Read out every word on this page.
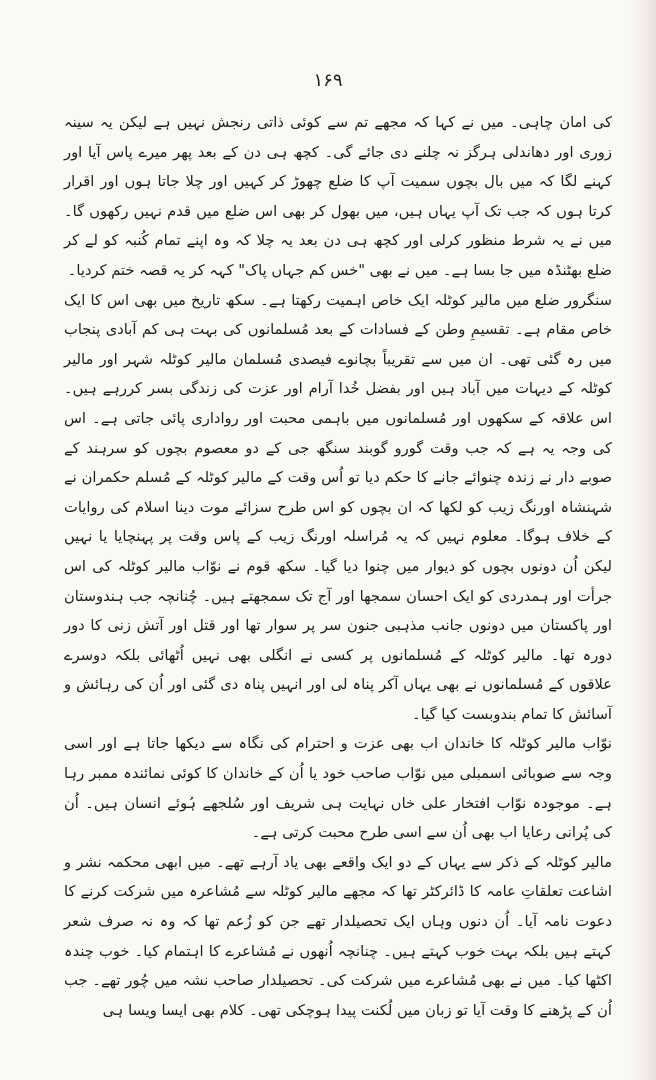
۱۶۹

کی امان چاہی۔ میں نے کہا کہ مجھے تم سے کوئی ذاتی رنجش نہیں ہے لیکن یہ سینہ زوری اور دھاندلی ہرگز نہ چلنے دی جائے گی۔ کچھ ہی دن کے بعد پھر میرے پاس آیا اور کہنے لگا کہ میں بال بچوں سمیت آپ کا ضلع چھوڑ کر کہیں اور چلا جاتا ہوں اور اقرار کرتا ہوں کہ جب تک آپ یہاں ہیں، میں بھول کر بھی اس ضلع میں قدم نہیں رکھوں گا۔ میں نے یہ شرط منظور کرلی اور کچھ ہی دن بعد یہ چلا کہ وہ اپنے تمام کُنبہ کو لے کر ضلع بھٹنڈہ میں جا بسا ہے۔ میں نے بھی "خس کم جہاں پاک" کہہ کر یہ قصہ ختم کردیا۔

سنگرور ضلع میں مالیر کوٹلہ ایک خاص اہمیت رکھتا ہے۔ سکھ تاریخ میں بھی اس کا ایک خاص مقام ہے۔ تقسیمِ وطن کے فسادات کے بعد مُسلمانوں کی بہت ہی کم آبادی پنجاب میں رہ گئی تھی۔ ان میں سے تقریباً بچانوے فیصدی مُسلمان مالیر کوٹلہ شہر اور مالیر کوٹلہ کے دیہات میں آباد ہیں اور بفضل خُدا آرام اور عزت کی زندگی بسر کررہے ہیں۔ اس علاقہ کے سکھوں اور مُسلمانوں میں باہمی محبت اور رواداری پائی جاتی ہے۔ اس کی وجہ یہ ہے کہ جب وقت گورو گوبند سنگھ جی کے دو معصوم بچوں کو سرہند کے صوبے دار نے زندہ چنوائے جانے کا حکم دیا تو اُس وقت کے مالیر کوٹلہ کے مُسلم حکمران نے شہنشاہ اورنگ زیب کو لکھا کہ ان بچوں کو اس طرح سزائے موت دینا اسلام کی روایات کے خلاف ہوگا۔ معلوم نہیں کہ یہ مُراسلہ اورنگ زیب کے پاس وقت پر پہنچایا یا نہیں لیکن اُن دونوں بچوں کو دیوار میں چنوا دیا گیا۔ سکھ قوم نے نوّاب مالیر کوٹلہ کی اس جرأت اور ہمدردی کو ایک احسان سمجھا اور آج تک سمجھتے ہیں۔ چُنانچہ جب ہندوستان اور پاکستان میں دونوں جانب مذہبی جنون سر پر سوار تھا اور قتل اور آتش زنی کا دور دورہ تھا۔ مالیر کوٹلہ کے مُسلمانوں پر کسی نے انگلی بھی نہیں اُٹھائی بلکہ دوسرے علاقوں کے مُسلمانوں نے بھی یہاں آکر پناہ لی اور انہیں پناہ دی گئی اور اُن کی رہائش و آسائش کا تمام بندوبست کیا گیا۔

نوّاب مالیر کوٹلہ کا خاندان اب بھی عزت و احترام کی نگاہ سے دیکھا جاتا ہے اور اسی وجہ سے صوبائی اسمبلی میں نوّاب صاحب خود یا اُن کے خاندان کا کوئی نمائندہ ممبر رہا ہے۔ موجودہ نوّاب افتخار علی خاں نہایت ہی شریف اور سُلجھے ہُوئے انسان ہیں۔ اُن کی پُرانی رعایا اب بھی اُن سے اسی طرح محبت کرتی ہے۔

مالیر کوٹلہ کے ذکر سے یہاں کے دو ایک واقعے بھی یاد آرہے تھے۔ میں ابھی محکمہ نشر و اشاعت تعلقاتِ عامہ کا ڈائرکٹر تھا کہ مجھے مالیر کوٹلہ سے مُشاعرہ میں شرکت کرنے کا دعوت نامہ آیا۔ اُن دنوں وہاں ایک تحصیلدار تھے جن کو زُعم تھا کہ وہ نہ صرف شعر کہتے ہیں بلکہ بہت خوب کہتے ہیں۔ چنانچہ اُنھوں نے مُشاعرے کا اہتمام کیا۔ خوب چندہ اکٹھا کیا۔ میں نے بھی مُشاعرے میں شرکت کی۔ تحصیلدار صاحب نشہ میں چُور تھے۔ جب اُن کے پڑھنے کا وقت آیا تو زبان میں لُکنت پیدا ہوچکی تھی۔ کلام بھی ایسا ویسا ہی
